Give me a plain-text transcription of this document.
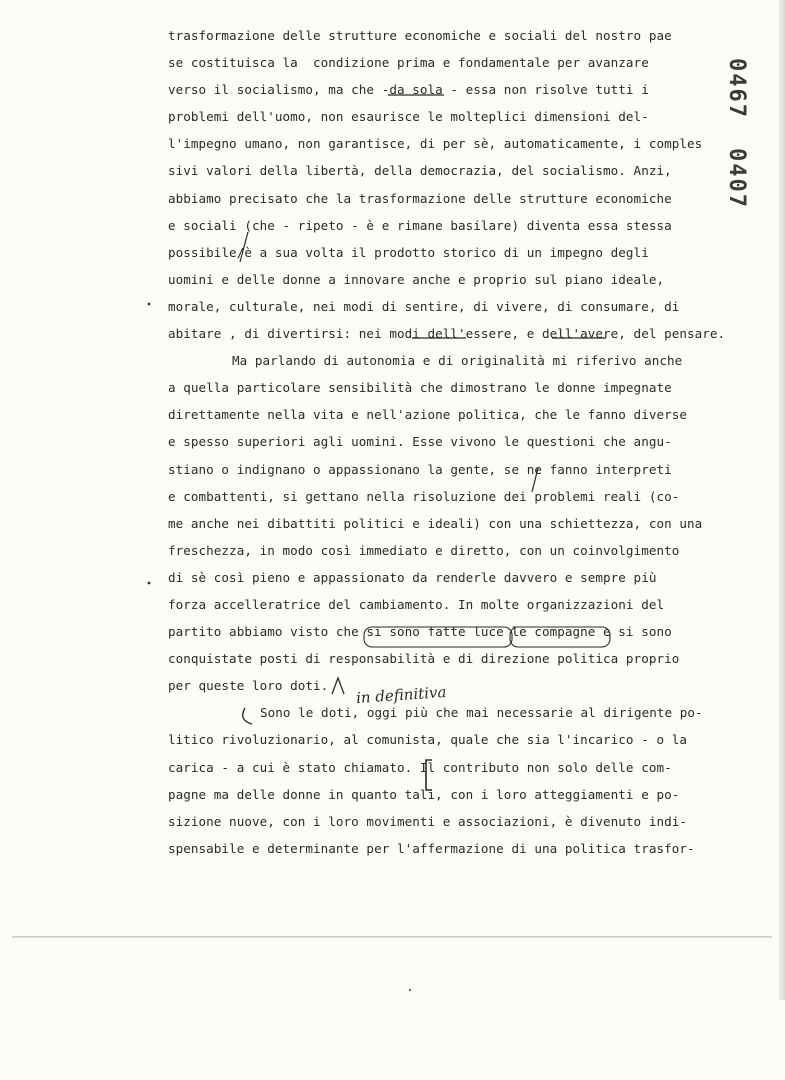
0467
0407
trasformazione delle strutture economiche e sociali del nostro pae
se costituisca la  condizione prima e fondamentale per avanzare
verso il socialismo, ma che -da sola - essa non risolve tutti i
problemi dell'uomo, non esaurisce le molteplici dimensioni del-
l'impegno umano, non garantisce, di per sè, automaticamente, i comples
sivi valori della libertà, della democrazia, del socialismo. Anzi,
abbiamo precisato che la trasformazione delle strutture economiche
e sociali (che - ripeto - è e rimane basilare) diventa essa stessa
possibile/è a sua volta il prodotto storico di un impegno degli
uomini e delle donne a innovare anche e proprio sul piano ideale,
morale, culturale, nei modi di sentire, di vivere, di consumare, di
abitare , di divertirsi: nei modi dell'essere, e dell'avere, del pensare.
Ma parlando di autonomia e di originalità mi riferivo anche
a quella particolare sensibilità che dimostrano le donne impegnate
direttamente nella vita e nell'azione politica, che le fanno diverse
e spesso superiori agli uomini. Esse vivono le questioni che angu-
stiano o indignano o appassionano la gente, se ne fanno interpreti
e combattenti, si gettano nella risoluzione dei problemi reali (co-
me anche nei dibattiti politici e ideali) con una schiettezza, con una
freschezza, in modo così immediato e diretto, con un coinvolgimento
di sè così pieno e appassionato da renderle davvero e sempre più
forza accelleratrice del cambiamento. In molte organizzazioni del
partito abbiamo visto che si sono fatte luce le compagne e si sono
conquistate posti di responsabilità e di direzione politica proprio
per queste loro doti.
Sono le doti, oggi più che mai necessarie al dirigente po-
litico rivoluzionario, al comunista, quale che sia l'incarico - o la
carica - a cui è stato chiamato. Il contributo non solo delle com-
pagne ma delle donne in quanto tali, con i loro atteggiamenti e po-
sizione nuove, con i loro movimenti e associazioni, è divenuto indi-
spensabile e determinante per l'affermazione di una politica trasfor-
in definitiva
